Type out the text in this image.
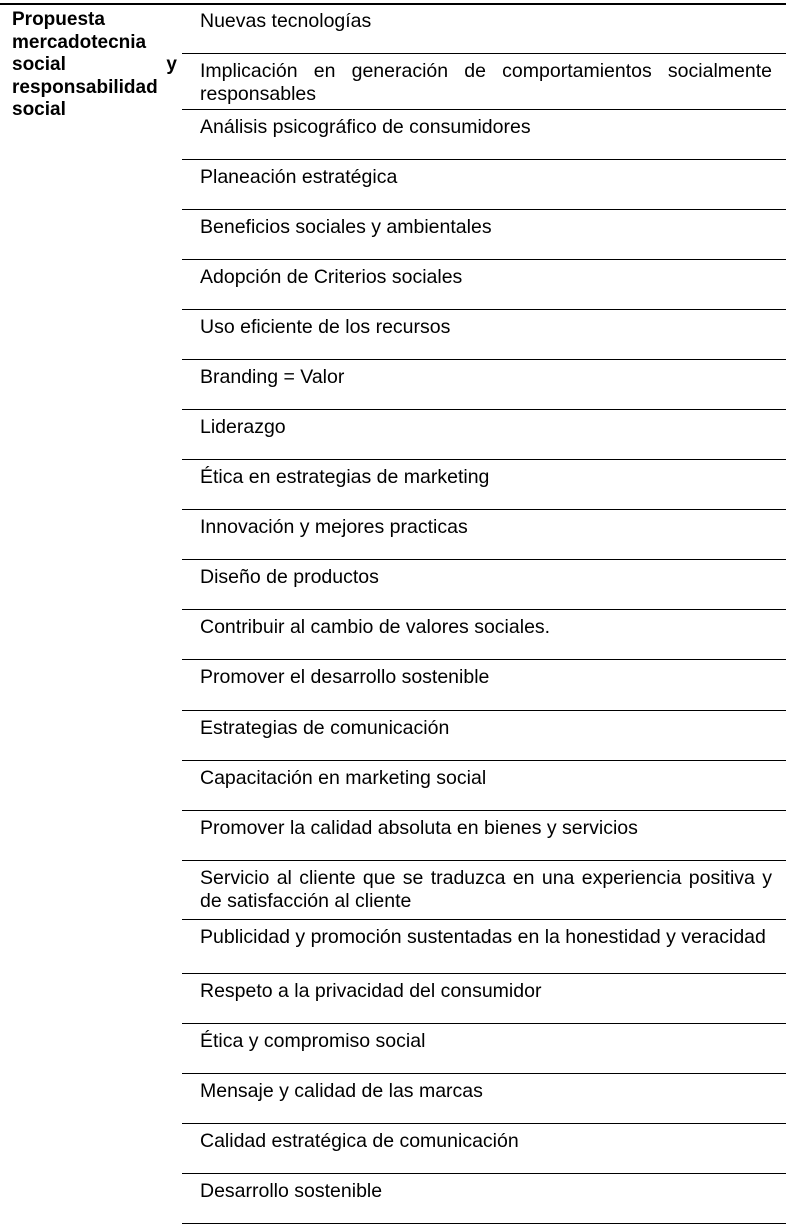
Propuesta mercadotecnia social y responsabilidad social
Nuevas tecnologías
Implicación en generación de comportamientos socialmente responsables
Análisis psicográfico de consumidores
Planeación estratégica
Beneficios sociales y ambientales
Adopción de Criterios sociales
Uso eficiente de los recursos
Branding = Valor
Liderazgo
Ética en estrategias de marketing
Innovación y mejores practicas
Diseño de productos
Contribuir al cambio de valores sociales.
Promover el desarrollo sostenible
Estrategias de comunicación
Capacitación en marketing social
Promover la calidad absoluta en bienes y servicios
Servicio al cliente que se traduzca en una experiencia positiva y de satisfacción al cliente
Publicidad y promoción sustentadas en la honestidad y veracidad
Respeto a la privacidad del consumidor
Ética y compromiso social
Mensaje y calidad de las marcas
Calidad estratégica de comunicación
Desarrollo sostenible
